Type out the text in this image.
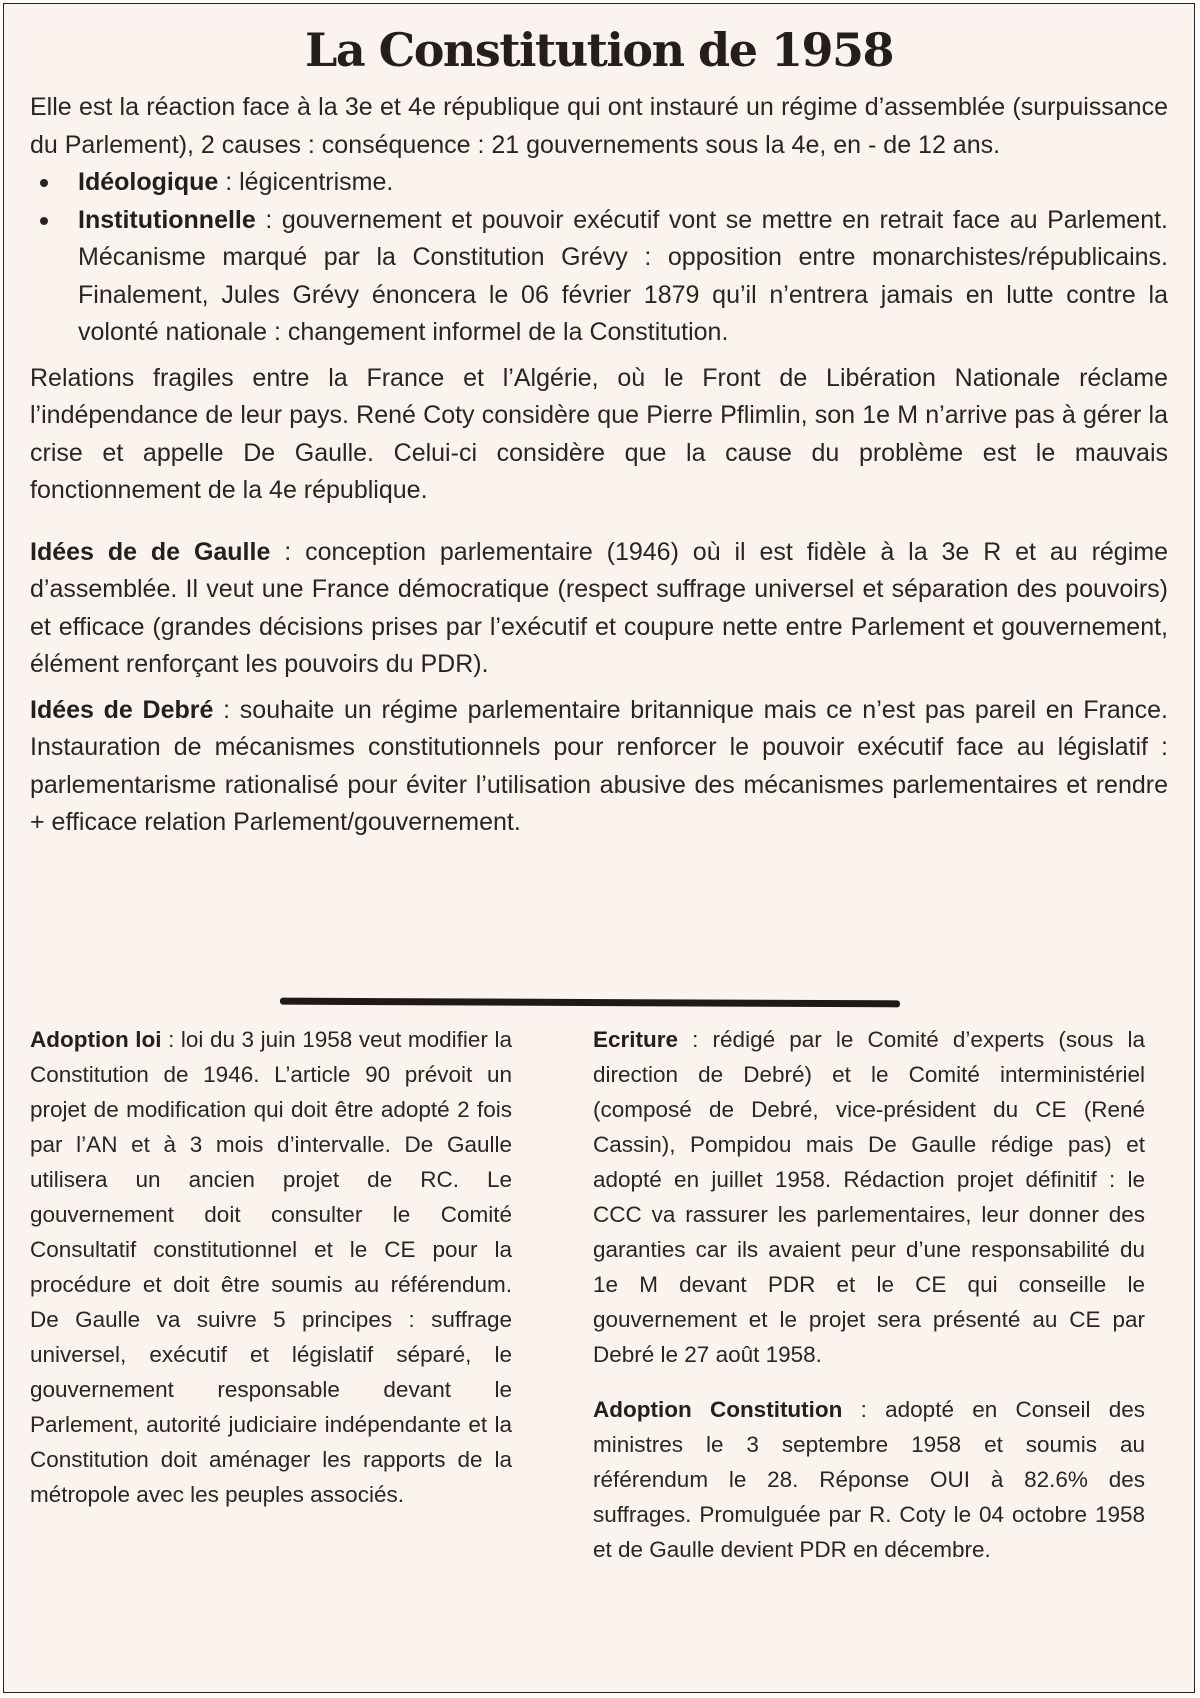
La Constitution de 1958

Elle est la réaction face à la 3e et 4e république qui ont instauré un régime d’assemblée (surpuissance du Parlement), 2 causes : conséquence : 21 gouvernements sous la 4e, en - de 12 ans.

Idéologique : légicentrisme.
Institutionnelle : gouvernement et pouvoir exécutif vont se mettre en retrait face au Parlement. Mécanisme marqué par la Constitution Grévy : opposition entre monarchistes/républicains. Finalement, Jules Grévy énoncera le 06 février 1879 qu’il n’entrera jamais en lutte contre la volonté nationale : changement informel de la Constitution.

Relations fragiles entre la France et l’Algérie, où le Front de Libération Nationale réclame l’indépendance de leur pays. René Coty considère que Pierre Pflimlin, son 1e M n’arrive pas à gérer la crise et appelle De Gaulle. Celui-ci considère que la cause du problème est le mauvais fonctionnement de la 4e république.

Idées de de Gaulle : conception parlementaire (1946) où il est fidèle à la 3e R et au régime d’assemblée. Il veut une France démocratique (respect suffrage universel et séparation des pouvoirs) et efficace (grandes décisions prises par l’exécutif et coupure nette entre Parlement et gouvernement, élément renforçant les pouvoirs du PDR).

Idées de Debré : souhaite un régime parlementaire britannique mais ce n’est pas pareil en France. Instauration de mécanismes constitutionnels pour renforcer le pouvoir exécutif face au législatif : parlementarisme rationalisé pour éviter l’utilisation abusive des mécanismes parlementaires et rendre + efficace relation Parlement/gouvernement.

Adoption loi : loi du 3 juin 1958 veut modifier la Constitution de 1946. L’article 90 prévoit un projet de modification qui doit être adopté 2 fois par l’AN et à 3 mois d’intervalle. De Gaulle utilisera un ancien projet de RC. Le gouvernement doit consulter le Comité Consultatif constitutionnel et le CE pour la procédure et doit être soumis au référendum. De Gaulle va suivre 5 principes : suffrage universel, exécutif et législatif séparé, le gouvernement responsable devant le Parlement, autorité judiciaire indépendante et la Constitution doit aménager les rapports de la métropole avec les peuples associés.

Ecriture : rédigé par le Comité d’experts (sous la direction de Debré) et le Comité interministériel (composé de Debré, vice-président du CE (René Cassin), Pompidou mais De Gaulle rédige pas) et adopté en juillet 1958. Rédaction projet définitif : le CCC va rassurer les parlementaires, leur donner des garanties car ils avaient peur d’une responsabilité du 1e M devant PDR et le CE qui conseille le gouvernement et le projet sera présenté au CE par Debré le 27 août 1958.

Adoption Constitution : adopté en Conseil des ministres le 3 septembre 1958 et soumis au référendum le 28. Réponse OUI à 82.6% des suffrages. Promulguée par R. Coty le 04 octobre 1958 et de Gaulle devient PDR en décembre.
